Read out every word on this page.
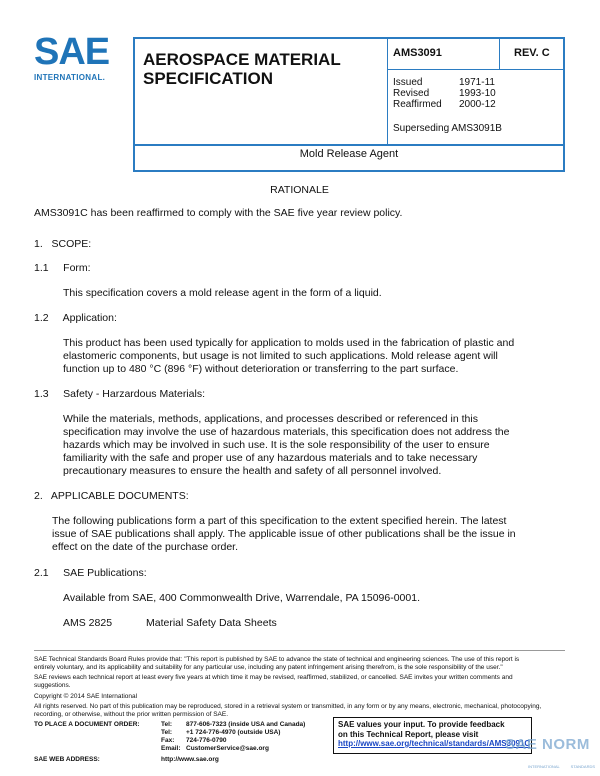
SAE
INTERNATIONAL.
AEROSPACE MATERIAL
SPECIFICATION
AMS3091	REV. C
Issued	1971-11
Revised	1993-10
Reaffirmed	2000-12
Superseding AMS3091B
Mold Release Agent
RATIONALE
AMS3091C has been reaffirmed to comply with the SAE five year review policy.
1.   SCOPE:
1.1     Form:
This specification covers a mold release agent in the form of a liquid.
1.2     Application:
This product has been used typically for application to molds used in the fabrication of plastic and
elastomeric components, but usage is not limited to such applications. Mold release agent will
function up to 480 °C (896 °F) without deterioration or transferring to the part surface.
1.3     Safety - Harzardous Materials:
While the materials, methods, applications, and processes described or referenced in this
specification may involve the use of hazardous materials, this specification does not address the
hazards which may be involved in such use. It is the sole responsibility of the user to ensure
familiarity with the safe and proper use of any hazardous materials and to take necessary
precautionary measures to ensure the health and safety of all personnel involved.
2.   APPLICABLE DOCUMENTS:
The following publications form a part of this specification to the extent specified herein. The latest
issue of SAE publications shall apply. The applicable issue of other publications shall be the issue in
effect on the date of the purchase order.
2.1     SAE Publications:
Available from SAE, 400 Commonwealth Drive, Warrendale, PA 15096-0001.
AMS 2825	Material Safety Data Sheets
SAE Technical Standards Board Rules provide that: "This report is published by SAE to advance the state of technical and engineering sciences. The use of this report is
entirely voluntary, and its applicability and suitability for any particular use, including any patent infringement arising therefrom, is the sole responsibility of the user."
SAE reviews each technical report at least every five years at which time it may be revised, reaffirmed, stabilized, or cancelled. SAE invites your written comments and
suggestions.
Copyright © 2014 SAE International
All rights reserved. No part of this publication may be reproduced, stored in a retrieval system or transmitted, in any form or by any means, electronic, mechanical, photocopying,
recording, or otherwise, without the prior written permission of SAE.
TO PLACE A DOCUMENT ORDER:	Tel: 877-606-7323 (inside USA and Canada)
Tel: +1 724-776-4970 (outside USA)
Fax: 724-776-0790
Email: CustomerService@sae.org
SAE WEB ADDRESS:	http://www.sae.org
SAE values your input. To provide feedback
on this Technical Report, please visit
http://www.sae.org/technical/standards/AMS3091C
SAE NORM
INTERNATIONAL          STANDARDS
